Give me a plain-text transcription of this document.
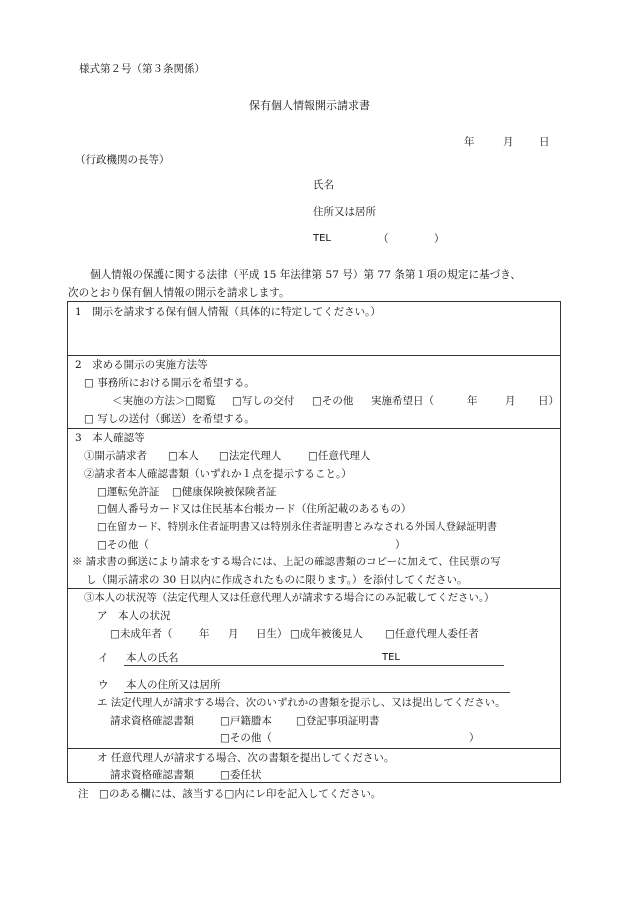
様式第２号（第３条関係）
保有個人情報開示請求書
年	月 日
（行政機関の長等）
氏名
住所又は居所
TEL	（	）
個人情報の保護に関する法律（平成 15 年法律第 57 号）第 77 条第１項の規定に基づき、
次のとおり保有個人情報の開示を請求します。
1　開示を請求する保有個人情報（具体的に特定してください。）
2　求める開示の実施方法等
□ 事務所における開示を希望する。
＜実施の方法＞ □閲覧 □写しの交付 □その他 実施希望日（	年	月 日）
□ 写しの送付（郵送）を希望する。
3　本人確認等
①開示請求者 □本人 □法定代理人	□任意代理人
②請求者本人確認書類（いずれか１点を提示すること。）
□運転免許証 □健康保険被保険者証
□個人番号カード又は住民基本台帳カード（住所記載のあるもの）
□在留カード、特別永住者証明書又は特別永住者証明書とみなされる外国人登録証明書
□その他（	）
※ 請求書の郵送により請求をする場合には、上記の確認書類のコピーに加えて、住民票の写
し（開示請求の 30 日以内に作成されたものに限ります。）を添付してください。
③本人の状況等（法定代理人又は任意代理人が請求する場合にのみ記載してください。）
ア　本人の状況
□未成年者（	年 月 日生） □成年被後見人 □任意代理人委任者
イ 本人の氏名	TEL
ウ 本人の住所又は居所
エ 法定代理人が請求する場合、次のいずれかの書類を提示し、又は提出してください。
請求資格確認書類 □戸籍謄本 □登記事項証明書
□その他（	）
オ 任意代理人が請求する場合、次の書類を提出してください。
請求資格確認書類 □委任状
注　□のある欄には、該当する□内にレ印を記入してください。
